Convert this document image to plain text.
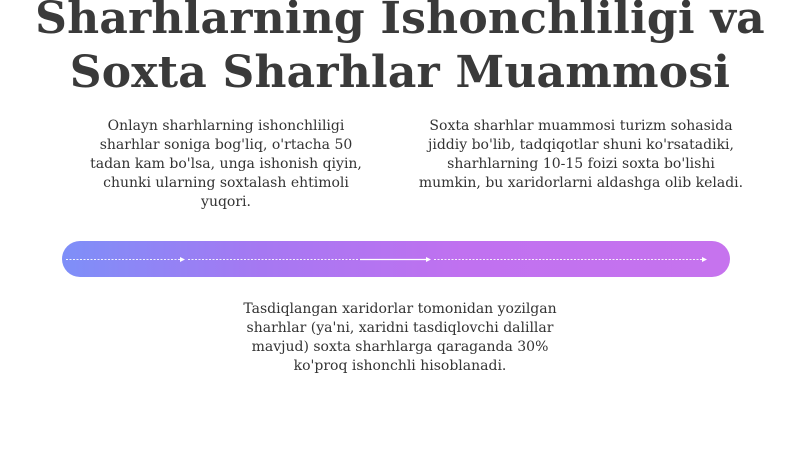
Sharhlarning Ishonchliligi va Soxta Sharhlar Muammosi

Onlayn sharhlarning ishonchliligi sharhlar soniga bog'liq, o'rtacha 50 tadan kam bo'lsa, unga ishonish qiyin, chunki ularning soxtalash ehtimoli yuqori.

Soxta sharhlar muammosi turizm sohasida jiddiy bo'lib, tadqiqotlar shuni ko'rsatadiki, sharhlarning 10-15 foizi soxta bo'lishi mumkin, bu xaridorlarni aldashga olib keladi.

Tasdiqlangan xaridorlar tomonidan yozilgan sharhlar (ya'ni, xaridni tasdiqlovchi dalillar mavjud) soxta sharhlarga qaraganda 30% ko'proq ishonchli hisoblanadi.
